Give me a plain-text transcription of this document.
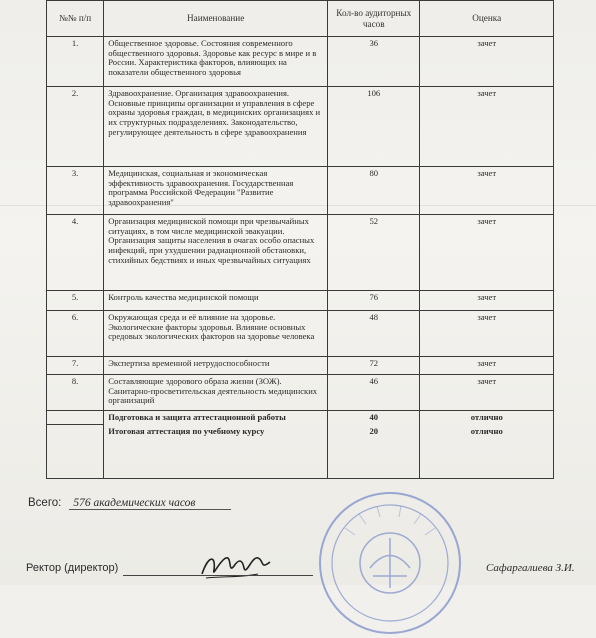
№№ п/п	Наименование	Кол-во аудиторных часов	Оценка
1.	Общественное здоровье. Состояния современного общественного здоровья. Здоровье как ресурс в мире и в России. Характеристика факторов, влияющих на показатели общественного здоровья	36	зачет
2.	Здравоохранение. Организация здравоохранения. Основные принципы организации и управления в сфере охраны здоровья граждан, в медицинских организациях и их структурных подразделениях. Законодательство, регулирующее деятельность в сфере здравоохранения	106	зачет
3.	Медицинская, социальная и экономическая эффективность здравоохранения. Государственная программа Российской Федерации "Развитие здравоохранения"	80	зачет
4.	Организация медицинской помощи при чрезвычайных ситуациях, в том числе медицинской эвакуации. Организация защиты населения в очагах особо опасных инфекций, при ухудшении радиационной обстановки, стихийных бедствиях и иных чрезвычайных ситуациях	52	зачет
5.	Контроль качества медицинской помощи	76	зачет
6.	Окружающая среда и её влияние на здоровье. Экологические факторы здоровья. Влияние основных средовых экологических факторов на здоровье человека	48	зачет
7.	Экспертиза временной нетрудоспособности	72	зачет
8.	Составляющие здорового образа жизни (ЗОЖ). Санитарно-просветительская деятельность медицинских организаций	46	зачет
	Подготовка и защита аттестационной работы	40	отлично
	Итоговая аттестация по учебному курсу	20	отлично
Всего: 576 академических часов
Ректор (директор)	Сафаргалиева З.И.
